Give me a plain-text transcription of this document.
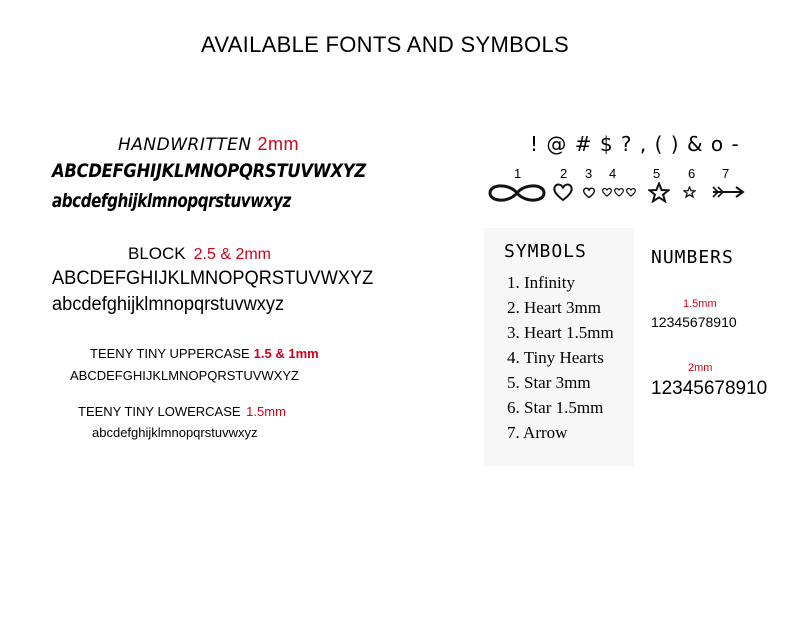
AVAILABLE FONTS AND SYMBOLS
HANDWRITTEN 2mm
ABCDEFGHIJKLMNOPQRSTUVWXYZ
abcdefghijklmnopqrstuvwxyz
BLOCK 2.5 & 2mm
ABCDEFGHIJKLMNOPQRSTUVWXYZ
abcdefghijklmnopqrstuvwxyz
TEENY TINY UPPERCASE 1.5 & 1mm
ABCDEFGHIJKLMNOPQRSTUVWXYZ
TEENY TINY LOWERCASE 1.5mm
abcdefghijklmnopqrstuvwxyz
! @ # $ ? , ( ) & o -
1	2 3 4	5 6 7
SYMBOLS
1. Infinity
2. Heart 3mm
3. Heart 1.5mm
4. Tiny Hearts
5. Star 3mm
6. Star 1.5mm
7. Arrow
NUMBERS
1.5mm
12345678910
2mm
12345678910
